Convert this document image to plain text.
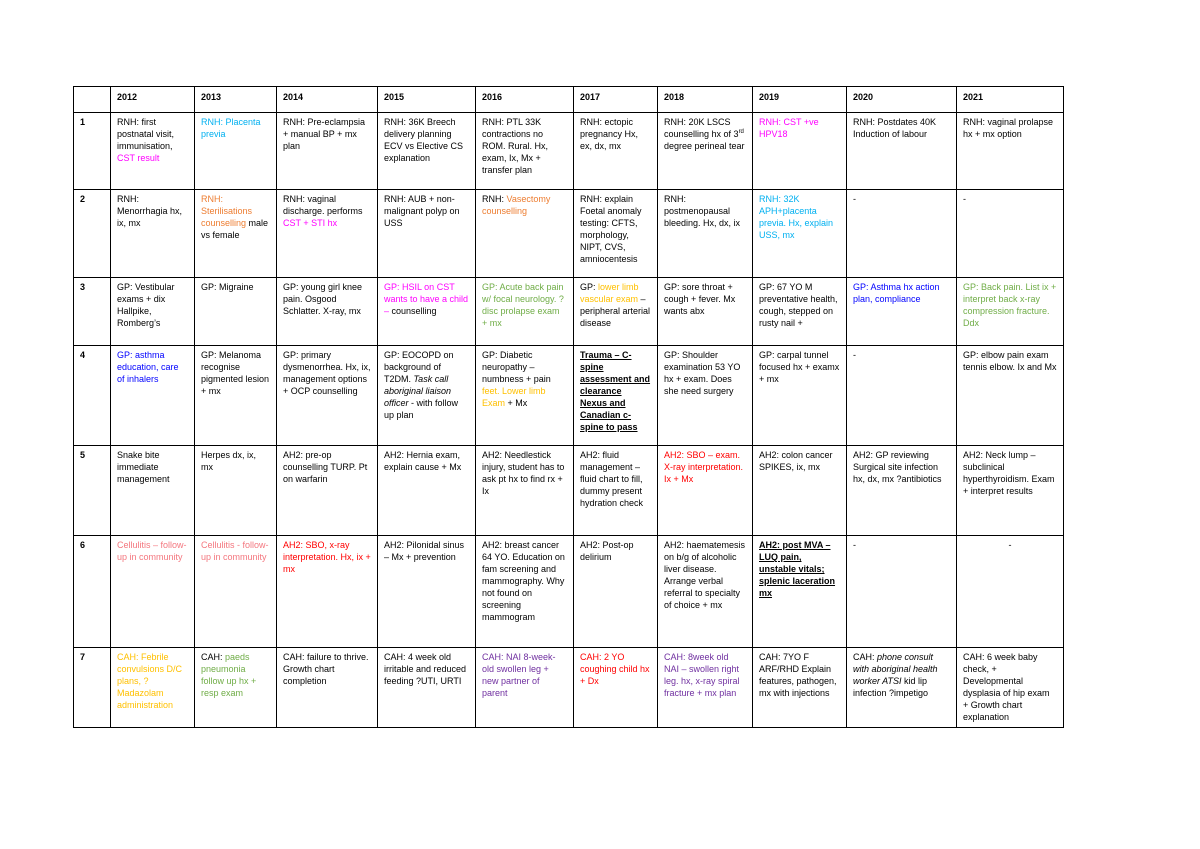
	2012	2013	2014	2015	2016	2017	2018	2019	2020	2021
1	RNH: first postnatal visit, immunisation, CST result	RNH: Placenta previa	RNH: Pre-eclampsia + manual BP + mx plan	RNH: 36K Breech delivery planning ECV vs Elective CS explanation	RNH: PTL 33K contractions no ROM. Rural. Hx, exam, Ix, Mx + transfer plan	RNH: ectopic pregnancy Hx, ex, dx, mx	RNH: 20K LSCS counselling hx of 3rd degree perineal tear	RNH: CST +ve HPV18	RNH: Postdates 40K Induction of labour	RNH: vaginal prolapse hx + mx option
2	RNH: Menorrhagia hx, ix, mx	RNH: Sterilisations counselling male vs female	RNH: vaginal discharge. performs CST + STI hx	RNH: AUB + non-malignant polyp on USS	RNH: Vasectomy counselling	RNH: explain Foetal anomaly testing: CFTS, morphology, NIPT, CVS, amniocentesis	RNH: postmenopausal bleeding. Hx, dx, ix	RNH: 32K APH+placenta previa. Hx, explain USS, mx	-	-
3	GP: Vestibular exams + dix Hallpike, Romberg’s	GP: Migraine	GP: young girl knee pain. Osgood Schlatter. X-ray, mx	GP: HSIL on CST wants to have a child – counselling	GP: Acute back pain w/ focal neurology. ?disc prolapse exam + mx	GP: lower limb vascular exam – peripheral arterial disease	GP: sore throat + cough + fever. Mx wants abx	GP: 67 YO M preventative health, cough, stepped on rusty nail +	GP: Asthma hx action plan, compliance	GP: Back pain. List ix + interpret back x-ray compression fracture. Ddx
4	GP: asthma education, care of inhalers	GP: Melanoma recognise pigmented lesion + mx	GP: primary dysmenorrhea. Hx, ix, management options + OCP counselling	GP: EOCOPD on background of T2DM. Task call aboriginal liaison officer - with follow up plan	GP: Diabetic neuropathy – numbness + pain feet. Lower limb Exam + Mx	Trauma – C-spine assessment and clearance Nexus and Canadian c-spine to pass	GP: Shoulder examination 53 YO hx + exam. Does she need surgery	GP: carpal tunnel focused hx + examx + mx	-	GP: elbow pain exam tennis elbow. Ix and Mx
5	Snake bite immediate management	Herpes dx, ix, mx	AH2: pre-op counselling TURP. Pt on warfarin	AH2: Hernia exam, explain cause + Mx	AH2: Needlestick injury, student has to ask pt hx to find rx + Ix	AH2: fluid management – fluid chart to fill, dummy present hydration check	AH2: SBO – exam. X-ray interpretation. Ix + Mx	AH2: colon cancer SPIKES, ix, mx	AH2: GP reviewing Surgical site infection hx, dx, mx ?antibiotics	AH2: Neck lump – subclinical hyperthyroidism. Exam + interpret results
6	Cellulitis – follow-up in community	Cellulitis - follow-up in community	AH2: SBO, x-ray interpretation. Hx, ix + mx	AH2: Pilonidal sinus – Mx + prevention	AH2: breast cancer 64 YO. Education on fam screening and mammography. Why not found on screening mammogram	AH2: Post-op delirium	AH2: haematemesis on b/g of alcoholic liver disease. Arrange verbal referral to specialty of choice + mx	AH2: post MVA – LUQ pain, unstable vitals; splenic laceration mx	-	-
7	CAH: Febrile convulsions D/C plans, ?Madazolam administration	CAH: paeds pneumonia follow up hx + resp exam	CAH: failure to thrive. Growth chart completion	CAH: 4 week old irritable and reduced feeding ?UTI, URTI	CAH: NAI 8-week-old swollen leg + new partner of parent	CAH: 2 YO coughing child hx + Dx	CAH: 8week old NAI – swollen right leg. hx, x-ray spiral fracture + mx plan	CAH: 7YO F ARF/RHD Explain features, pathogen, mx with injections	CAH: phone consult with aboriginal health worker ATSI kid lip infection ?impetigo	CAH: 6 week baby check, + Developmental dysplasia of hip exam + Growth chart explanation
